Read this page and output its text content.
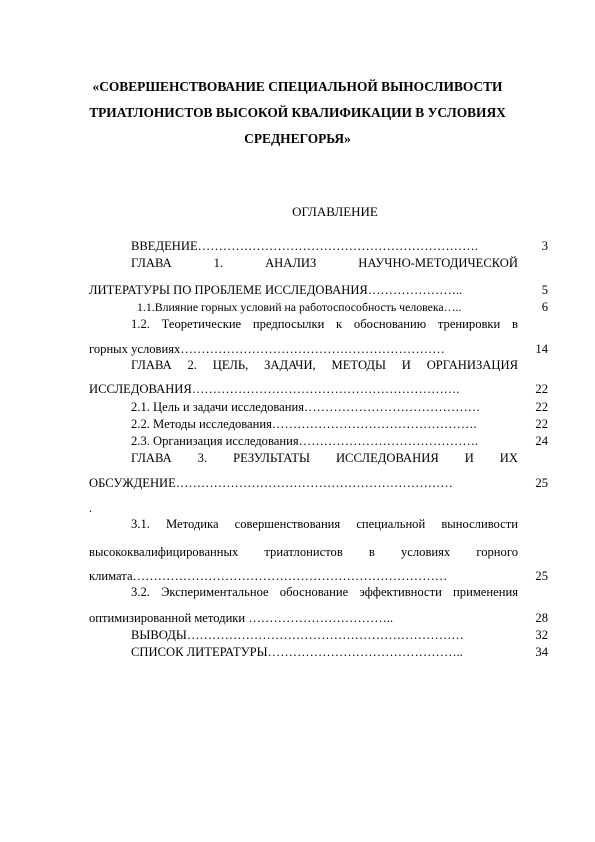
«СОВЕРШЕНСТВОВАНИЕ СПЕЦИАЛЬНОЙ ВЫНОСЛИВОСТИ
ТРИАТЛОНИСТОВ ВЫСОКОЙ КВАЛИФИКАЦИИ В УСЛОВИЯХ
СРЕДНЕГОРЬЯ»
ОГЛАВЛЕНИЕ
ВВЕДЕНИЕ………………………………………………………….
ГЛАВА 1. АНАЛИЗ НАУЧНО-МЕТОДИЧЕСКОЙ
ЛИТЕРАТУРЫ ПО ПРОБЛЕМЕ ИССЛЕДОВАНИЯ…………………..
1.1.Влияние горных условий на работоспособность человека…..
1.2. Теоретические предпосылки к обоснованию тренировки в
горных условиях………………………………………………………
ГЛАВА 2. ЦЕЛЬ, ЗАДАЧИ, МЕТОДЫ И ОРГАНИЗАЦИЯ
ИССЛЕДОВАНИЯ……………………………………………………….
2.1. Цель и задачи исследования……………………………………
2.2. Методы исследования………………………………………….
2.3. Организация исследования…………………………………….
ГЛАВА 3. РЕЗУЛЬТАТЫ ИССЛЕДОВАНИЯ И ИХ
ОБСУЖДЕНИЕ…………………………………………………………
.
3.1. Методика совершенствования специальной выносливости
высококвалифицированных триатлонистов в условиях горного
климата…………………………………………………………………
3.2. Экспериментальное обоснование эффективности применения
оптимизированной методики ……………………………..
ВЫВОДЫ…………………………………………………………
СПИСОК ЛИТЕРАТУРЫ………………………………………..
3
5
6
14
22
22
22
24
25
25
28
32
34
